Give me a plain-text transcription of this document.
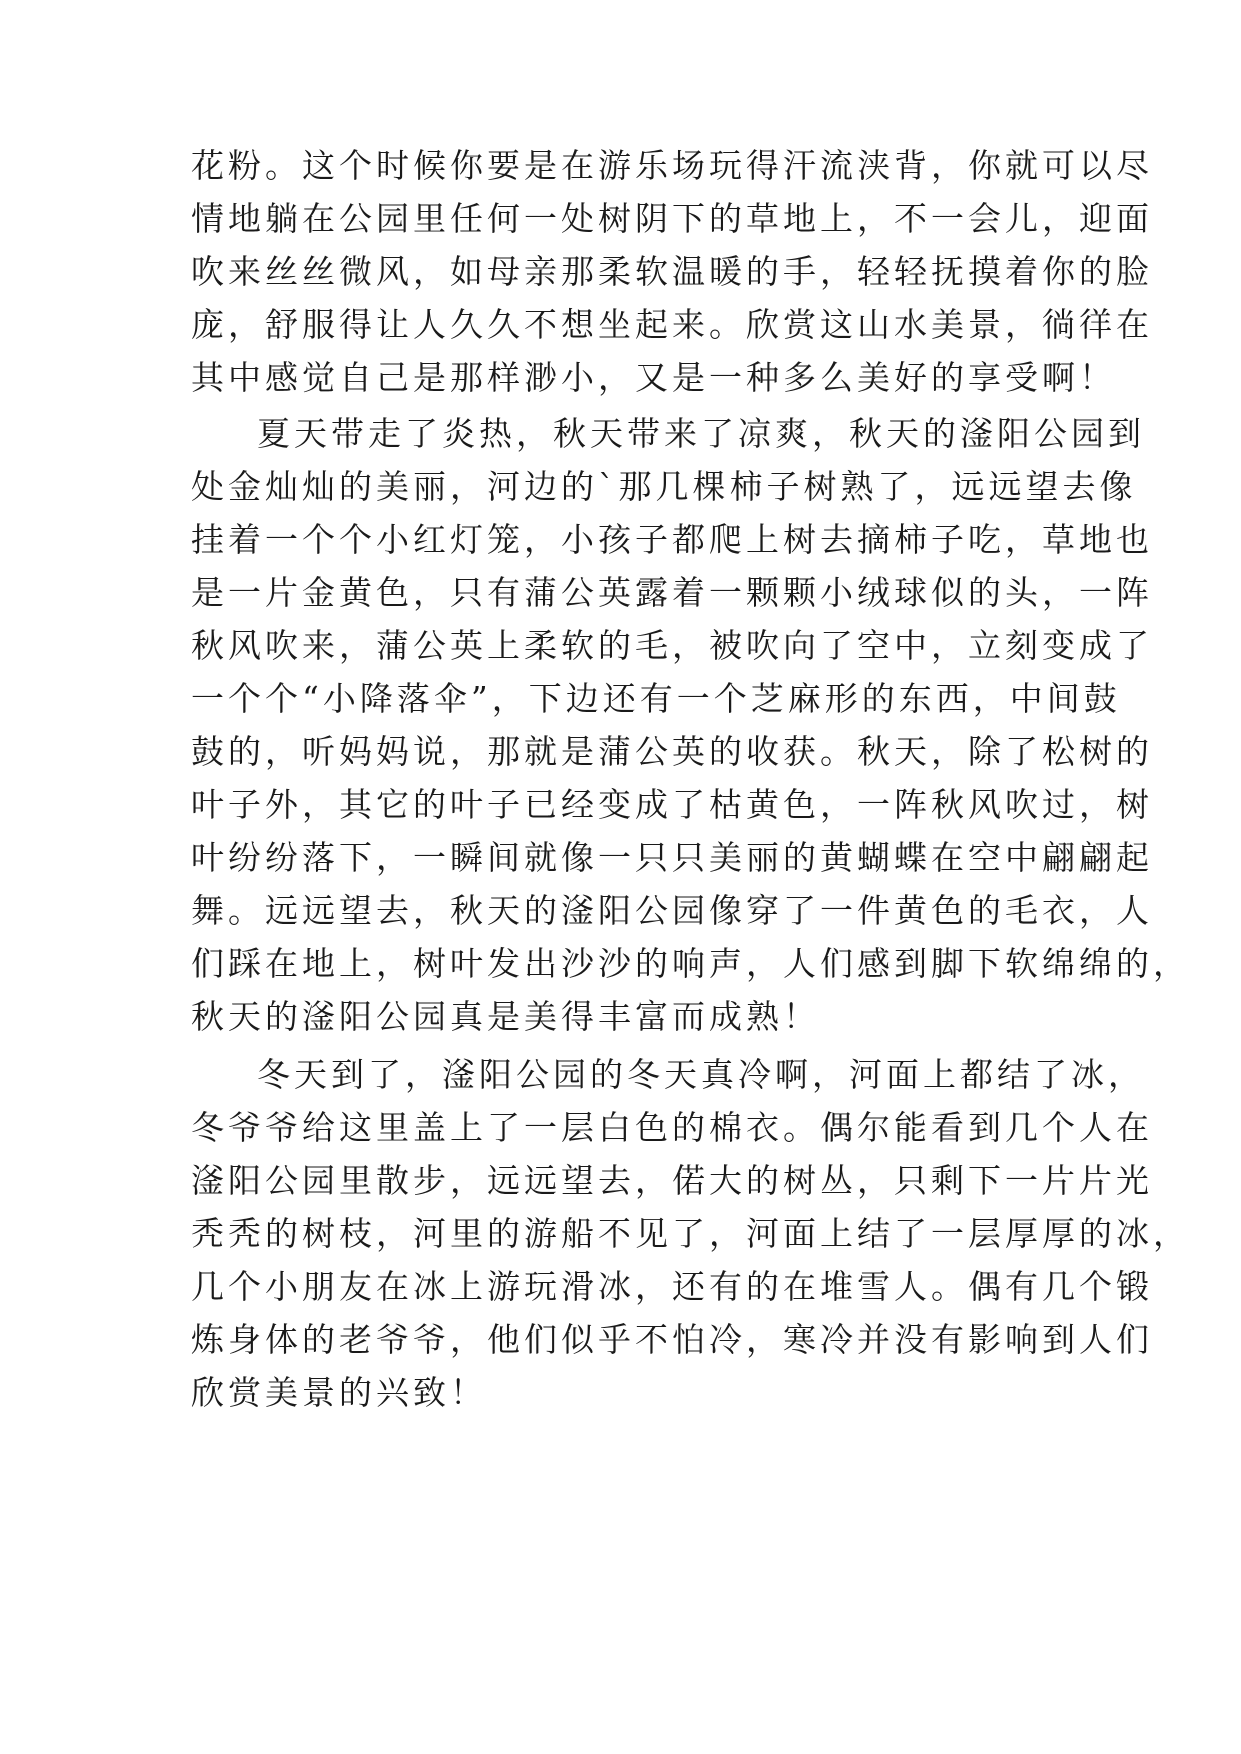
花粉。这个时候你要是在游乐场玩得汗流浃背，你就可以尽
情地躺在公园里任何一处树阴下的草地上，不一会儿，迎面
吹来丝丝微风，如母亲那柔软温暖的手，轻轻抚摸着你的脸
庞，舒服得让人久久不想坐起来。欣赏这山水美景，徜徉在
其中感觉自己是那样渺小，又是一种多么美好的享受啊！
夏天带走了炎热，秋天带来了凉爽，秋天的滏阳公园到
处金灿灿的美丽，河边的`那几棵柿子树熟了，远远望去像
挂着一个个小红灯笼，小孩子都爬上树去摘柿子吃，草地也
是一片金黄色，只有蒲公英露着一颗颗小绒球似的头，一阵
秋风吹来，蒲公英上柔软的毛，被吹向了空中，立刻变成了
一个个“小降落伞”，下边还有一个芝麻形的东西，中间鼓
鼓的，听妈妈说，那就是蒲公英的收获。秋天，除了松树的
叶子外，其它的叶子已经变成了枯黄色，一阵秋风吹过，树
叶纷纷落下，一瞬间就像一只只美丽的黄蝴蝶在空中翩翩起
舞。远远望去，秋天的滏阳公园像穿了一件黄色的毛衣，人
们踩在地上，树叶发出沙沙的响声，人们感到脚下软绵绵的，
秋天的滏阳公园真是美得丰富而成熟！
冬天到了，滏阳公园的冬天真冷啊，河面上都结了冰，
冬爷爷给这里盖上了一层白色的棉衣。偶尔能看到几个人在
滏阳公园里散步，远远望去，偌大的树丛，只剩下一片片光
秃秃的树枝，河里的游船不见了，河面上结了一层厚厚的冰，
几个小朋友在冰上游玩滑冰，还有的在堆雪人。偶有几个锻
炼身体的老爷爷，他们似乎不怕冷，寒冷并没有影响到人们
欣赏美景的兴致！
